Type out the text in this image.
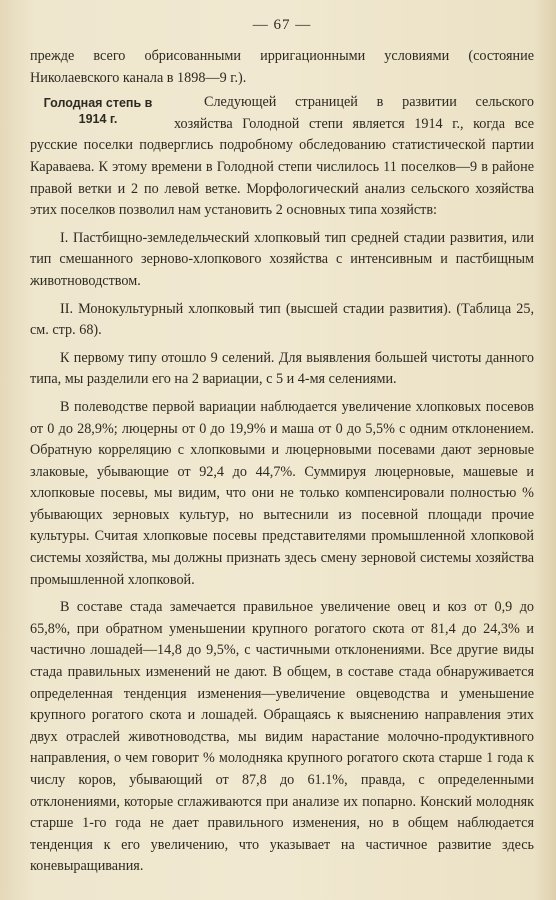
— 67 —

прежде всего обрисованными ирригационными условиями (состояние Николаевского канала в 1898—9 г.).

Голодная степь в 1914 г.

Следующей страницей в развитии сельского хозяйства Голодной степи является 1914 г., когда все русские поселки подверглись подробному обследованию статистической партии Караваева. К этому времени в Голодной степи числилось 11 поселков—9 в районе правой ветки и 2 по левой ветке. Морфологический анализ сельского хозяйства этих поселков позволил нам установить 2 основных типа хозяйств:

I. Пастбищно-земледельческий хлопковый тип средней стадии развития, или тип смешанного зерново-хлопкового хозяйства с интенсивным и пастбищным животноводством.

II. Монокультурный хлопковый тип (высшей стадии развития). (Таблица 25, см. стр. 68).

К первому типу отошло 9 селений. Для выявления большей чистоты данного типа, мы разделили его на 2 вариации, с 5 и 4-мя селениями.

В полеводстве первой вариации наблюдается увеличение хлопковых посевов от 0 до 28,9%; люцерны от 0 до 19,9% и маша от 0 до 5,5% с одним отклонением. Обратную корреляцию с хлопковыми и люцерновыми посевами дают зерновые злаковые, убывающие от 92,4 до 44,7%. Суммируя люцерновые, машевые и хлопковые посевы, мы видим, что они не только компенсировали полностью % убывающих зерновых культур, но вытеснили из посевной площади прочие культуры. Считая хлопковые посевы представителями промышленной хлопковой системы хозяйства, мы должны признать здесь смену зерновой системы хозяйства промышленной хлопковой.

В составе стада замечается правильное увеличение овец и коз от 0,9 до 65,8%, при обратном уменьшении крупного рогатого скота от 81,4 до 24,3% и частично лошадей—14,8 до 9,5%, с частичными отклонениями. Все другие виды стада правильных изменений не дают. В общем, в составе стада обнаруживается определенная тенденция изменения—увеличение овцеводства и уменьшение крупного рогатого скота и лошадей. Обращаясь к выяснению направления этих двух отраслей животноводства, мы видим нарастание молочно-продуктивного направления, о чем говорит % молодняка крупного рогатого скота старше 1 года к числу коров, убывающий от 87,8 до 61.1%, правда, с определенными отклонениями, которые сглаживаются при анализе их попарно. Конский молодняк старше 1-го года не дает правильного изменения, но в общем наблюдается тенденция к его увеличению, что указывает на частичное развитие здесь коневыращивания.
